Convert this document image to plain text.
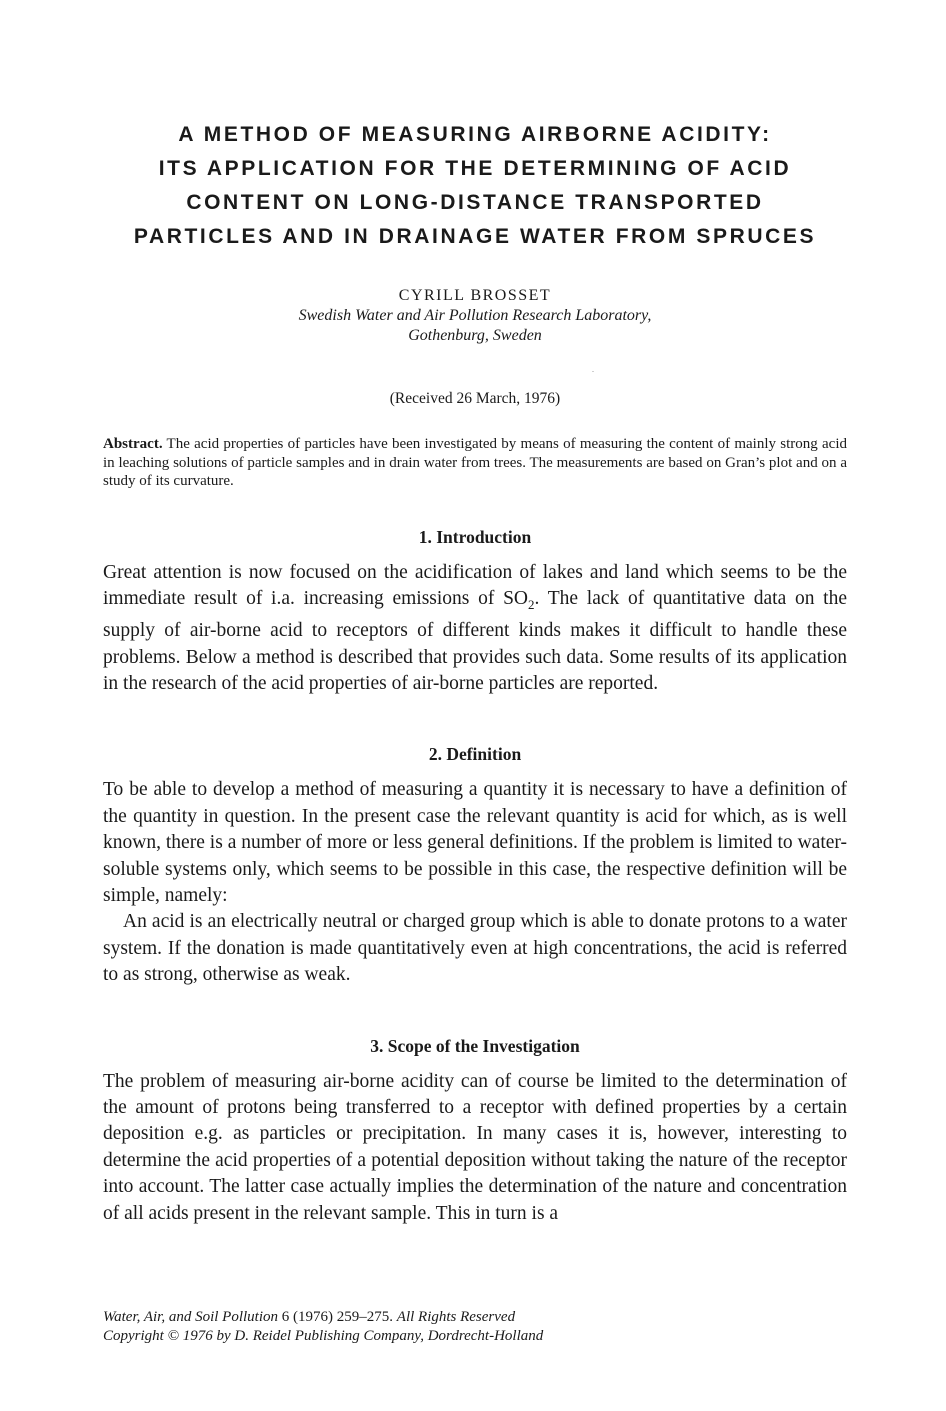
A METHOD OF MEASURING AIRBORNE ACIDITY:
ITS APPLICATION FOR THE DETERMINING OF ACID
CONTENT ON LONG-DISTANCE TRANSPORTED
PARTICLES AND IN DRAINAGE WATER FROM SPRUCES
CYRILL BROSSET
Swedish Water and Air Pollution Research Laboratory,
Gothenburg, Sweden
(Received 26 March, 1976)

Abstract. The acid properties of particles have been investigated by means of measuring the content of mainly strong acid in leaching solutions of particle samples and in drain water from trees. The measurements are based on Gran’s plot and on a study of its curvature.

1. Introduction

Great attention is now focused on the acidification of lakes and land which seems to be the immediate result of i.a. increasing emissions of $SO_2$. The lack of quantitative data on the supply of air-borne acid to receptors of different kinds makes it difficult to handle these problems. Below a method is described that provides such data. Some results of its application in the research of the acid properties of air-borne particles are reported.

2. Definition

To be able to develop a method of measuring a quantity it is necessary to have a definition of the quantity in question. In the present case the relevant quantity is acid for which, as is well known, there is a number of more or less general definitions. If the problem is limited to water-soluble systems only, which seems to be possible in this case, the respective definition will be simple, namely:

An acid is an electrically neutral or charged group which is able to donate protons to a water system. If the donation is made quantitatively even at high concentrations, the acid is referred to as strong, otherwise as weak.

3. Scope of the Investigation

The problem of measuring air-borne acidity can of course be limited to the determination of the amount of protons being transferred to a receptor with defined properties by a certain deposition e.g. as particles or precipitation. In many cases it is, however, interesting to determine the acid properties of a potential deposition without taking the nature of the receptor into account. The latter case actually implies the determination of the nature and concentration of all acids present in the relevant sample. This in turn is a

Water, Air, and Soil Pollution 6 (1976) 259–275. All Rights Reserved
Copyright © 1976 by D. Reidel Publishing Company, Dordrecht-Holland
